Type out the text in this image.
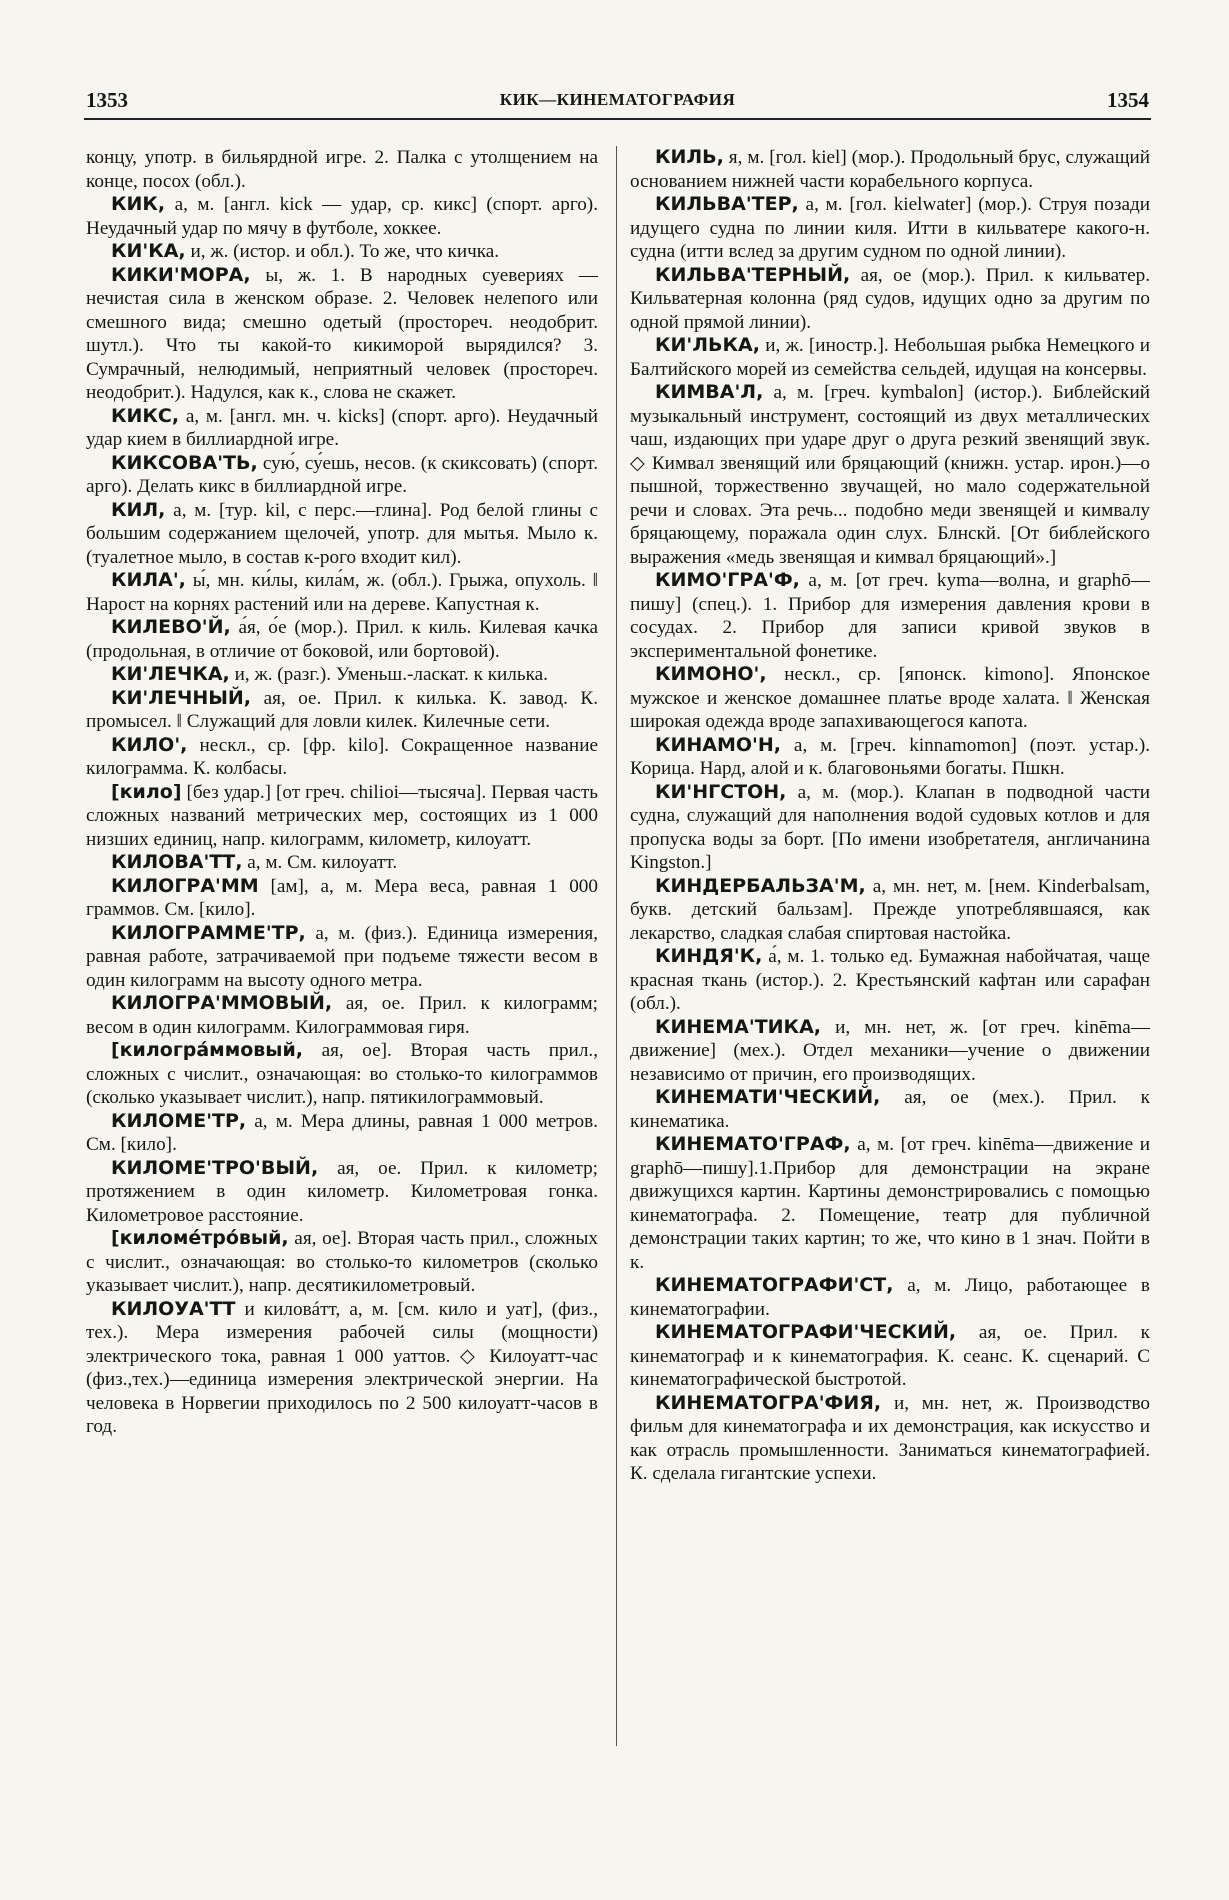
1353	КИК—КИНЕМАТОГРАФИЯ	1354

концу, употр. в бильярдной игре. 2. Палка с утолщением на конце, посох (обл.).

КИК, а, м. [англ. kick — удар, ср. кикс] (спорт. арго). Неудачный удар по мячу в футболе, хоккее.

КИ'КА, и, ж. (истор. и обл.). То же, что кичка.

КИКИ'МОРА, ы, ж. 1. В народных суевериях — нечистая сила в женском образе. 2. Человек нелепого или смешного вида; смешно одетый (простореч. неодобрит. шутл.). Что ты какой-то кикиморой вырядился? 3. Сумрачный, нелюдимый, неприятный человек (простореч. неодобрит.). Надулся, как к., слова не скажет.

КИКС, а, м. [англ. мн. ч. kicks] (спорт. арго). Неудачный удар кием в биллиардной игре.

КИКСОВА'ТЬ, сую́, су́ешь, несов. (к скиксовать) (спорт. арго). Делать кикс в биллиардной игре.

КИЛ, а, м. [тур. kil, с перс.—глина]. Род белой глины с большим содержанием щелочей, употр. для мытья. Мыло к. (туалетное мыло, в состав к-рого входит кил).

КИЛА', ы́, мн. ки́лы, кила́м, ж. (обл.). Грыжа, опухоль. ‖ Нарост на корнях растений или на дереве. Капустная к.

КИЛЕВО'Й, а́я, о́е (мор.). Прил. к киль. Килевая качка (продольная, в отличие от боковой, или бортовой).

КИ'ЛЕЧКА, и, ж. (разг.). Уменьш.-ласкат. к килька.

КИ'ЛЕЧНЫЙ, ая, ое. Прил. к килька. К. завод. К. промысел. ‖ Служащий для ловли килек. Килечные сети.

КИЛО', нескл., ср. [фр. kilo]. Сокращенное название килограмма. К. колбасы.

[кило] [без удар.] [от греч. chilioi—тысяча]. Первая часть сложных названий метрических мер, состоящих из 1 000 низших единиц, напр. килограмм, километр, килоуатт.

КИЛОВА'ТТ, а, м. См. килоуатт.

КИЛОГРА'ММ [ам], а, м. Мера веса, равная 1 000 граммов. См. [кило].

КИЛОГРАММЕ'ТР, а, м. (физ.). Единица измерения, равная работе, затрачиваемой при подъеме тяжести весом в один килограмм на высоту одного метра.

КИЛОГРА'ММОВЫЙ, ая, ое. Прил. к килограмм; весом в один килограмм. Килограммовая гиря.

[килогра́ммовый, ая, ое]. Вторая часть прил., сложных с числит., означающая: во столько-то килограммов (сколько указывает числит.), напр. пятикилограммовый.

КИЛОМЕ'ТР, а, м. Мера длины, равная 1 000 метров. См. [кило].

КИЛОМЕ'ТРО'ВЫЙ, ая, ое. Прил. к километр; протяжением в один километр. Километровая гонка. Километровое расстояние.

[киломе́тро́вый, ая, ое]. Вторая часть прил., сложных с числит., означающая: во столько-то километров (сколько указывает числит.), напр. десятикилометровый.

КИЛОУА'ТТ и киловáтт, а, м. [см. кило и уат], (физ., тех.). Мера измерения рабочей силы (мощности) электрического тока, равная 1 000 уаттов. ◇ Килоуатт-час (физ.,тех.)—единица измерения электрической энергии. На человека в Норвегии приходилось по 2 500 килоуатт-часов в год.

КИЛЬ, я, м. [гол. kiel] (мор.). Продольный брус, служащий основанием нижней части корабельного корпуса.

КИЛЬВА'ТЕР, а, м. [гол. kielwater] (мор.). Струя позади идущего судна по линии киля. Итти в кильватере какого-н. судна (итти вслед за другим судном по одной линии).

КИЛЬВА'ТЕРНЫЙ, ая, ое (мор.). Прил. к кильватер. Кильватерная колонна (ряд судов, идущих одно за другим по одной прямой линии).

КИ'ЛЬКА, и, ж. [иностр.]. Небольшая рыбка Немецкого и Балтийского морей из семейства сельдей, идущая на консервы.

КИМВА'Л, а, м. [греч. kymbalon] (истор.). Библейский музыкальный инструмент, состоящий из двух металлических чаш, издающих при ударе друг о друга резкий звенящий звук. ◇ Кимвал звенящий или бряцающий (книжн. устар. ирон.)—о пышной, торжественно звучащей, но мало содержательной речи и словах. Эта речь... подобно меди звенящей и кимвалу бряцающему, поражала один слух. Блнскй. [От библейского выражения «медь звенящая и кимвал бряцающий».]

КИМО'ГРА'Ф, а, м. [от греч. kyma—волна, и graphō—пишу] (спец.). 1. Прибор для измерения давления крови в сосудах. 2. Прибор для записи кривой звуков в экспериментальной фонетике.

КИМОНО', нескл., ср. [японск. kimono]. Японское мужское и женское домашнее платье вроде халата. ‖ Женская широкая одежда вроде запахивающегося капота.

КИНАМО'Н, а, м. [греч. kinnamomon] (поэт. устар.). Корица. Нард, алой и к. благовоньями богаты. Пшкн.

КИ'НГСТОН, а, м. (мор.). Клапан в подводной части судна, служащий для наполнения водой судовых котлов и для пропуска воды за борт. [По имени изобретателя, англичанина Kingston.]

КИНДЕРБАЛЬЗА'М, а, мн. нет, м. [нем. Kinderbalsam, букв. детский бальзам]. Прежде употреблявшаяся, как лекарство, сладкая слабая спиртовая настойка.

КИНДЯ'К, а́, м. 1. только ед. Бумажная набойчатая, чаще красная ткань (истор.). 2. Крестьянский кафтан или сарафан (обл.).

КИНЕМА'ТИКА, и, мн. нет, ж. [от греч. kinēma—движение] (мех.). Отдел механики—учение о движении независимо от причин, его производящих.

КИНЕМАТИ'ЧЕСКИЙ, ая, ое (мех.). Прил. к кинематика.

КИНЕМАТО'ГРАФ, а, м. [от греч. kinēma—движение и graphō—пишу].1.Прибор для демонстрации на экране движущихся картин. Картины демонстрировались с помощью кинематографа. 2. Помещение, театр для публичной демонстрации таких картин; то же, что кино в 1 знач. Пойти в к.

КИНЕМАТОГРАФИ'СТ, а, м. Лицо, работающее в кинематографии.

КИНЕМАТОГРАФИ'ЧЕСКИЙ, ая, ое. Прил. к кинематограф и к кинематография. К. сеанс. К. сценарий. С кинематографической быстротой.

КИНЕМАТОГРА'ФИЯ, и, мн. нет, ж. Производство фильм для кинематографа и их демонстрация, как искусство и как отрасль промышленности. Заниматься кинематографией. К. сделала гигантские успехи.
